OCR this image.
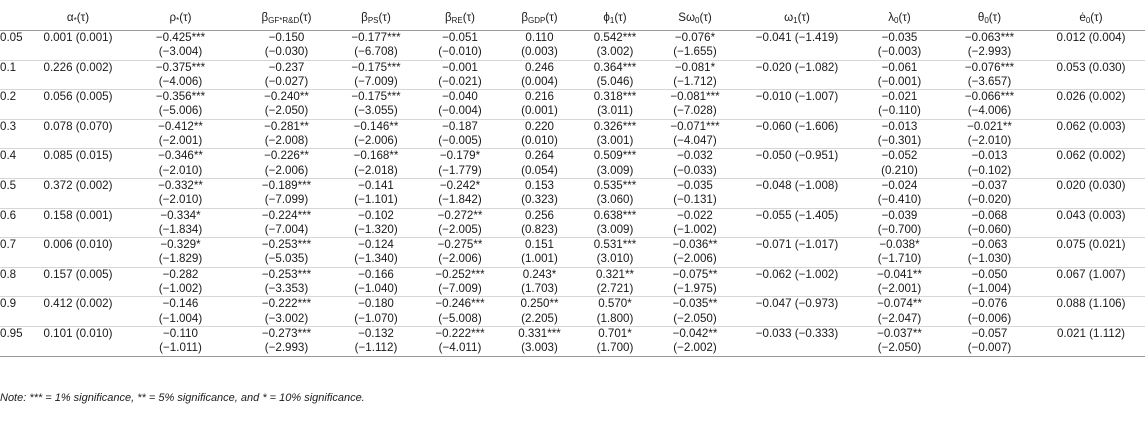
	$\alpha_*(\tau)$	$\rho_*(\tau)$	$\beta_{GF*R\&D}(\tau)$	$\beta_{PS}(\tau)$	$\beta_{RE}(\tau)$	$\beta_{GDP}(\tau)$	$\phi_1(\tau)$	$S\omega_0(\tau)$	$\omega_1(\tau)$	$\lambda_0(\tau)$	$\theta_0(\tau)$	$ė_0(\tau)$
0.05	0.001 (0.001)	−0.425***	−0.150	−0.177***	−0.051	0.110	0.542***	−0.076*	−0.041 (−1.419)	−0.035	−0.063***	0.012 (0.004)
		(−3.004)	(−0.030)	(−6.708)	(−0.010)	(0.003)	(3.002)	(−1.655)		(−0.003)	(−2.993)	
0.1	0.226 (0.002)	−0.375***	−0.237	−0.175***	−0.001	0.246	0.364***	−0.081*	−0.020 (−1.082)	−0.061	−0.076***	0.053 (0.030)
		(−4.006)	(−0.027)	(−7.009)	(−0.021)	(0.004)	(5.046)	(−1.712)		(−0.001)	(−3.657)	
0.2	0.056 (0.005)	−0.356***	−0.240**	−0.175***	−0.040	0.216	0.318***	−0.081***	−0.010 (−1.007)	−0.021	−0.066***	0.026 (0.002)
		(−5.006)	(−2.050)	(−3.055)	(−0.004)	(0.001)	(3.011)	(−7.028)		(−0.110)	(−4.006)	
0.3	0.078 (0.070)	−0.412**	−0.281**	−0.146**	−0.187	0.220	0.326***	−0.071***	−0.060 (−1.606)	−0.013	−0.021**	0.062 (0.003)
		(−2.001)	(−2.008)	(−2.006)	(−0.005)	(0.010)	(3.001)	(−4.047)		(−0.301)	(−2.010)	
0.4	0.085 (0.015)	−0.346**	−0.226**	−0.168**	−0.179*	0.264	0.509***	−0.032	−0.050 (−0.951)	−0.052	−0.013	0.062 (0.002)
		(−2.010)	(−2.006)	(−2.018)	(−1.779)	(0.054)	(3.009)	(−0.033)		(0.210)	(−0.102)	
0.5	0.372 (0.002)	−0.332**	−0.189***	−0.141	−0.242*	0.153	0.535***	−0.035	−0.048 (−1.008)	−0.024	−0.037	0.020 (0.030)
		(−2.010)	(−7.099)	(−1.101)	(−1.842)	(0.323)	(3.060)	(−0.131)		(−0.410)	(−0.020)	
0.6	0.158 (0.001)	−0.334*	−0.224***	−0.102	−0.272**	0.256	0.638***	−0.022	−0.055 (−1.405)	−0.039	−0.068	0.043 (0.003)
		(−1.834)	(−7.004)	(−1.320)	(−2.005)	(0.823)	(3.009)	(−1.002)		(−0.700)	(−0.060)	
0.7	0.006 (0.010)	−0.329*	−0.253***	−0.124	−0.275**	0.151	0.531***	−0.036**	−0.071 (−1.017)	−0.038*	−0.063	0.075 (0.021)
		(−1.829)	(−5.035)	(−1.340)	(−2.006)	(1.001)	(3.010)	(−2.006)		(−1.710)	(−1.030)	
0.8	0.157 (0.005)	−0.282	−0.253***	−0.166	−0.252***	0.243*	0.321**	−0.075**	−0.062 (−1.002)	−0.041**	−0.050	0.067 (1.007)
		(−1.002)	(−3.353)	(−1.040)	(−7.009)	(1.703)	(2.721)	(−1.975)		(−2.001)	(−1.004)	
0.9	0.412 (0.002)	−0.146	−0.222***	−0.180	−0.246***	0.250**	0.570*	−0.035**	−0.047 (−0.973)	−0.074**	−0.076	0.088 (1.106)
		(−1.004)	(−3.002)	(−1.070)	(−5.008)	(2.205)	(1.800)	(−2.050)		(−2.047)	(−0.006)	
0.95	0.101 (0.010)	−0.110	−0.273***	−0.132	−0.222***	0.331***	0.701*	−0.042**	−0.033 (−0.333)	−0.037**	−0.057	0.021 (1.112)
		(−1.011)	(−2.993)	(−1.112)	(−4.011)	(3.003)	(1.700)	(−2.002)		(−2.050)	(−0.007)	
Note: *** = 1% significance, ** = 5% significance, and * = 10% significance.
